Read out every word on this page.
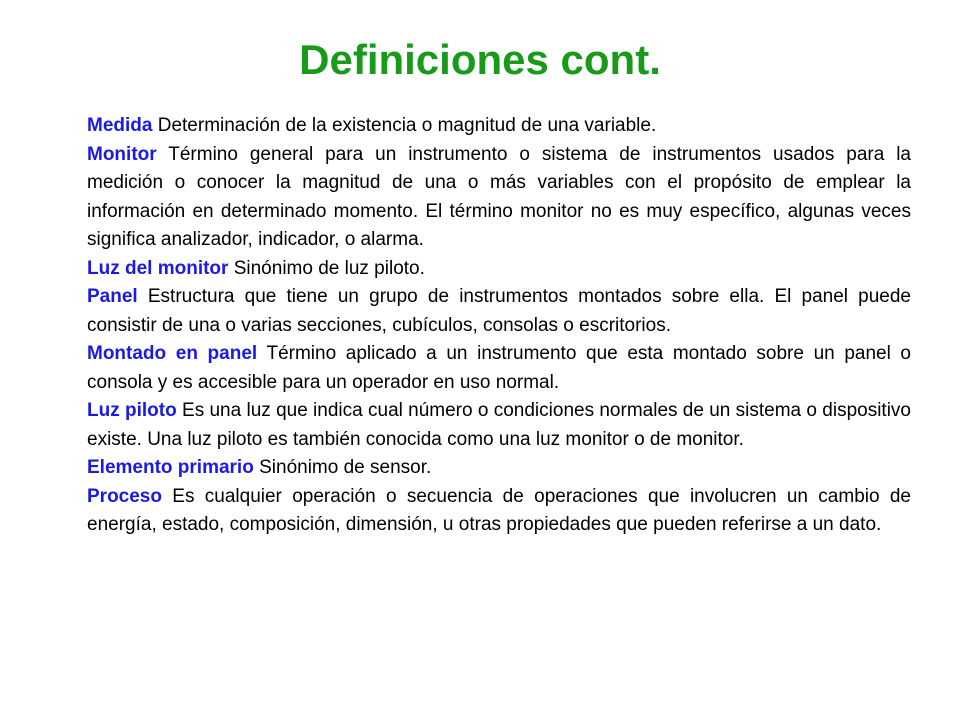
Definiciones cont.

Medida Determinación de la existencia o magnitud de una variable.

Monitor Término general para un instrumento o sistema de instrumentos usados para la medición o conocer la magnitud de una o más variables con el propósito de emplear la información en determinado momento. El término monitor no es muy específico, algunas veces significa analizador, indicador, o alarma.

Luz del monitor Sinónimo de luz piloto.

Panel Estructura que tiene un grupo de instrumentos montados sobre ella. El panel puede consistir de una o varias secciones, cubículos, consolas o escritorios.

Montado en panel Término aplicado a un instrumento que esta montado sobre un panel o consola y es accesible para un operador en uso normal.

Luz piloto Es una luz que indica cual número o condiciones normales de un sistema o dispositivo existe. Una luz piloto es también conocida como una luz monitor o de monitor.

Elemento primario Sinónimo de sensor.

Proceso Es cualquier operación o secuencia de operaciones que involucren un cambio de energía, estado, composición, dimensión, u otras propiedades que pueden referirse a un dato.
